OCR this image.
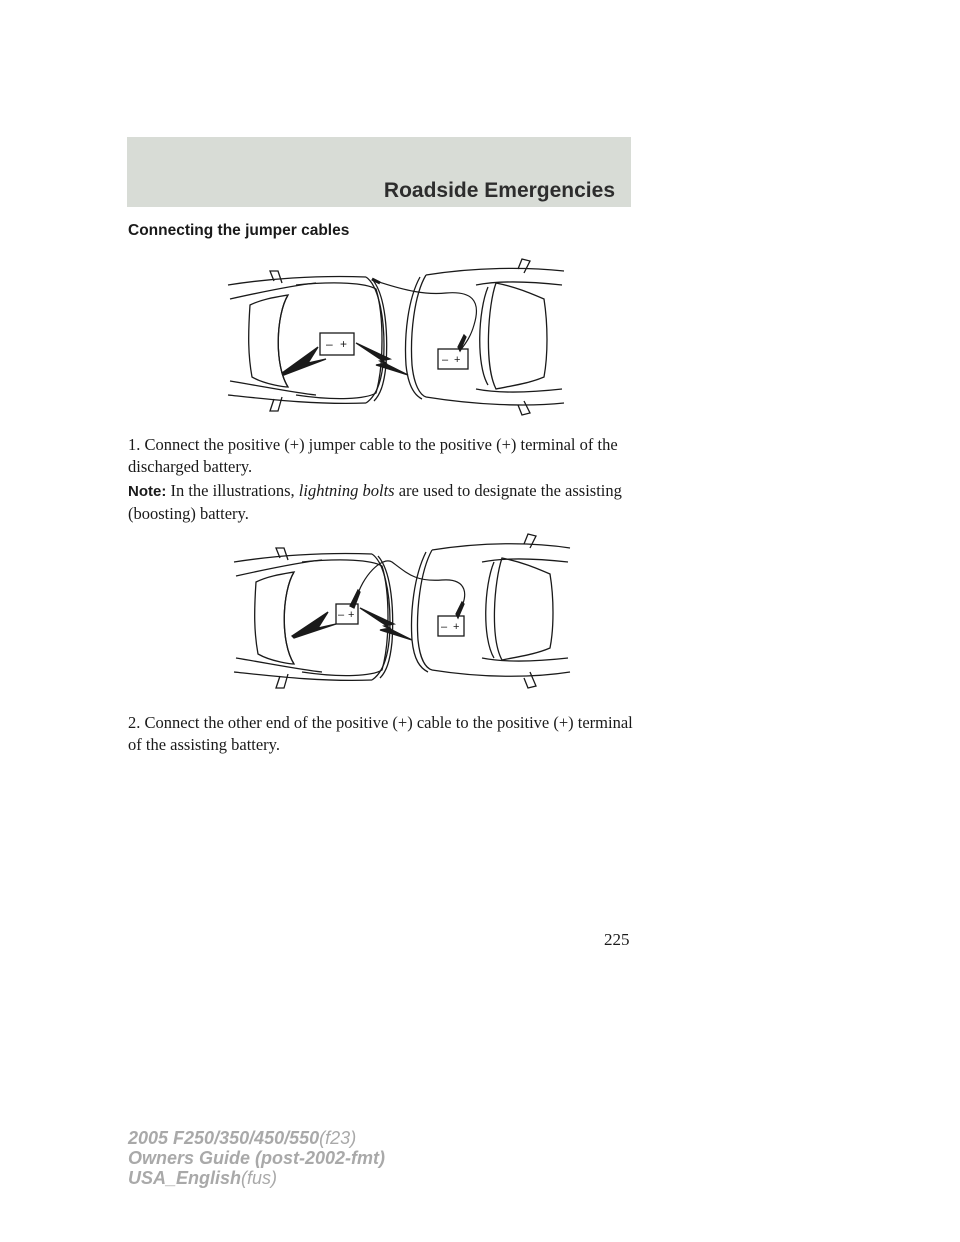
Roadside Emergencies
Connecting the jumper cables
– +
– +
1. Connect the positive (+) jumper cable to the positive (+) terminal of the discharged battery.
Note: In the illustrations, lightning bolts are used to designate the assisting (boosting) battery.
– +
– +
2. Connect the other end of the positive (+) cable to the positive (+) terminal of the assisting battery.
225
2005 F250/350/450/550(f23)
Owners Guide (post-2002-fmt)
USA_English(fus)
